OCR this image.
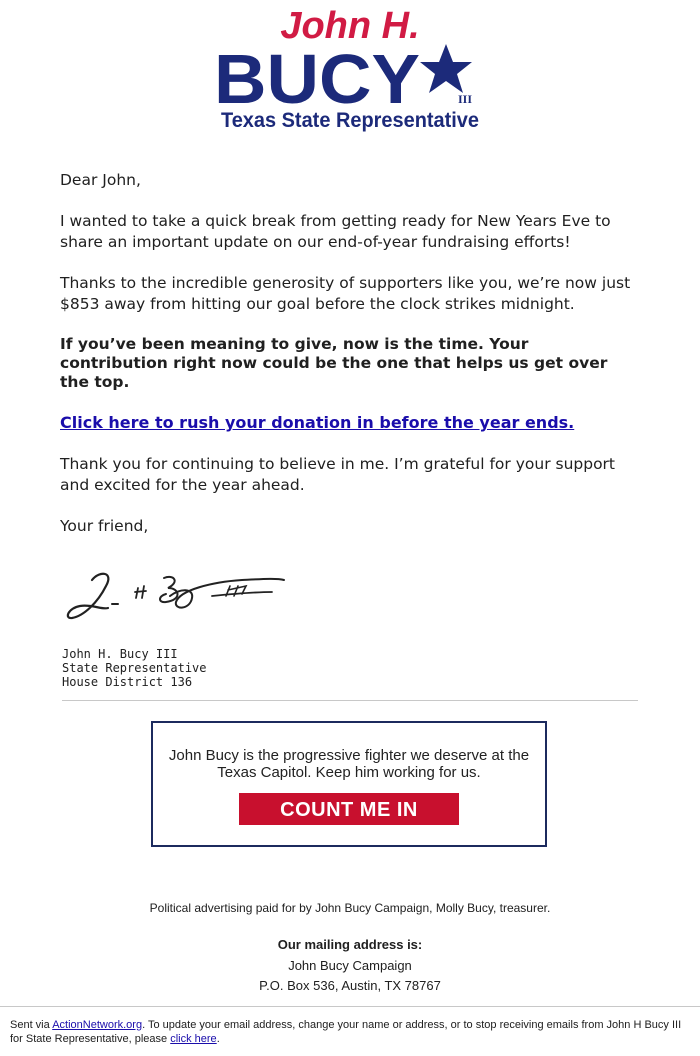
John H.
BUCY	III
Texas State Representative

Dear John,

I wanted to take a quick break from getting ready for New Years Eve to share an important update on our end-of-year fundraising efforts!

Thanks to the incredible generosity of supporters like you, we’re now just $853 away from hitting our goal before the clock strikes midnight.

If you’ve been meaning to give, now is the time. Your contribution right now could be the one that helps us get over the top.

Click here to rush your donation in before the year ends.

Thank you for continuing to believe in me. I’m grateful for your support and excited for the year ahead.

Your friend,

John H. Bucy III
State Representative
House District 136
John Bucy is the progressive fighter we deserve at the Texas Capitol. Keep him working for us.
COUNT ME IN
Political advertising paid for by John Bucy Campaign, Molly Bucy, treasurer.
Our mailing address is:
John Bucy Campaign
P.O. Box 536, Austin, TX 78767
Sent via ActionNetwork.org. To update your email address, change your name or address, or to stop receiving emails from John H Bucy III for State Representative, please click here.
